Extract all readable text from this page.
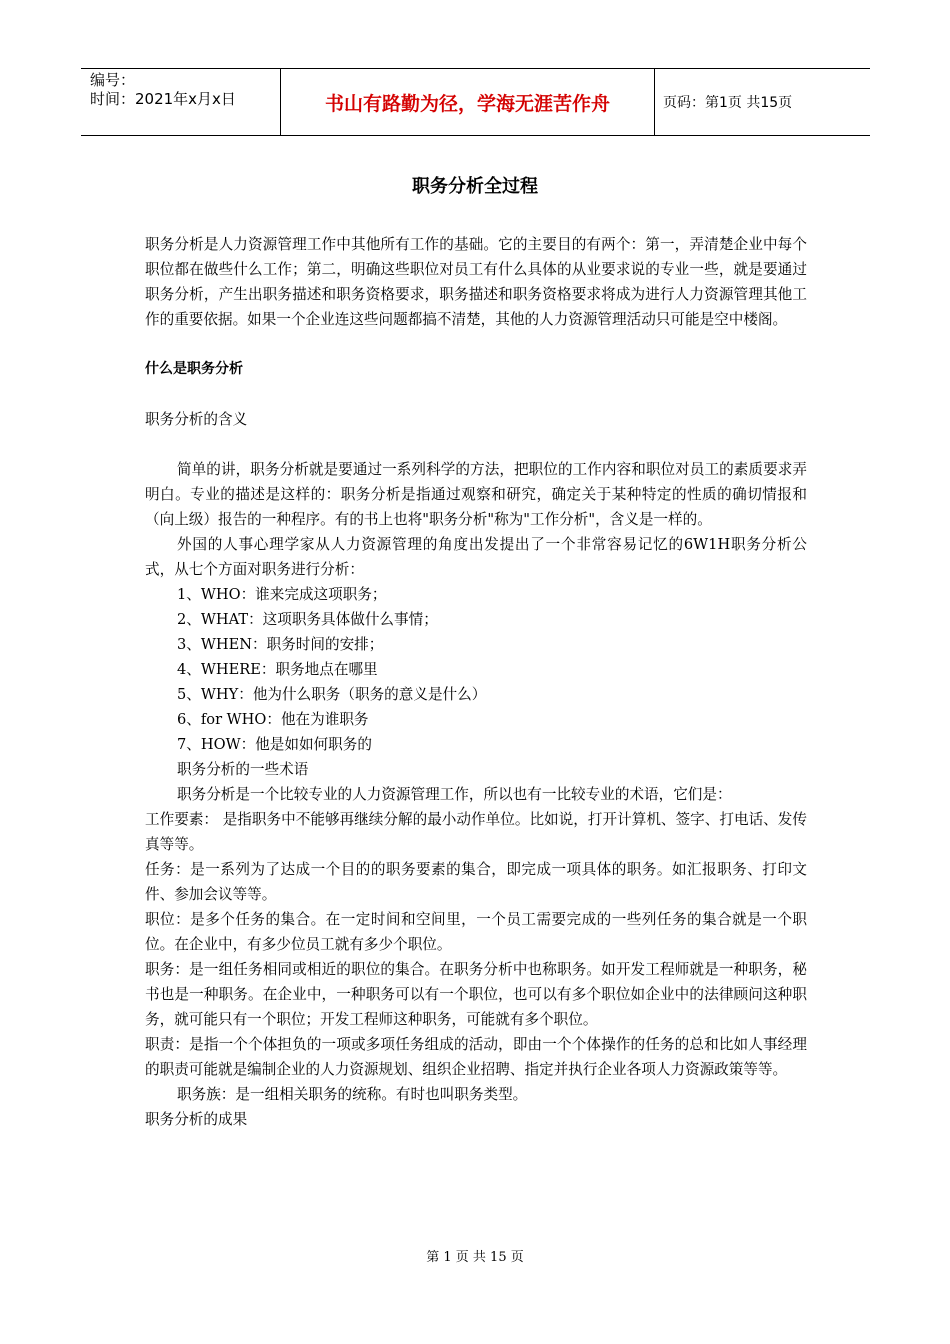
编号：
时间：2021年x月x日	书山有路勤为径，学海无涯苦作舟	页码：第1页 共15页
职务分析全过程

职务分析是人力资源管理工作中其他所有工作的基础。它的主要目的有两个：第一，弄清楚企业中每个职位都在做些什么工作；第二，明确这些职位对员工有什么具体的从业要求说的专业一些，就是要通过职务分析，产生出职务描述和职务资格要求，职务描述和职务资格要求将成为进行人力资源管理其他工作的重要依据。如果一个企业连这些问题都搞不清楚，其他的人力资源管理活动只可能是空中楼阁。

什么是职务分析

职务分析的含义

简单的讲，职务分析就是要通过一系列科学的方法，把职位的工作内容和职位对员工的素质要求弄明白。专业的描述是这样的：职务分析是指通过观察和研究，确定关于某种特定的性质的确切情报和（向上级）报告的一种程序。有的书上也将"职务分析"称为"工作分析"，含义是一样的。

外国的人事心理学家从人力资源管理的角度出发提出了一个非常容易记忆的6W1H职务分析公式，从七个方面对职务进行分析：

1、WHO：谁来完成这项职务；

2、WHAT：这项职务具体做什么事情；

3、WHEN：职务时间的安排；

4、WHERE：职务地点在哪里

5、WHY：他为什么职务（职务的意义是什么）

6、for WHO：他在为谁职务

7、HOW：他是如如何职务的

职务分析的一些术语

职务分析是一个比较专业的人力资源管理工作，所以也有一比较专业的术语，它们是：

工作要素： 是指职务中不能够再继续分解的最小动作单位。比如说，打开计算机、签字、打电话、发传真等等。

任务：是一系列为了达成一个目的的职务要素的集合，即完成一项具体的职务。如汇报职务、打印文件、参加会议等等。

职位：是多个任务的集合。在一定时间和空间里，一个员工需要完成的一些列任务的集合就是一个职位。在企业中，有多少位员工就有多少个职位。

职务：是一组任务相同或相近的职位的集合。在职务分析中也称职务。如开发工程师就是一种职务，秘书也是一种职务。在企业中，一种职务可以有一个职位，也可以有多个职位如企业中的法律顾问这种职务，就可能只有一个职位；开发工程师这种职务，可能就有多个职位。

职责：是指一个个体担负的一项或多项任务组成的活动，即由一个个体操作的任务的总和比如人事经理的职责可能就是编制企业的人力资源规划、组织企业招聘、指定并执行企业各项人力资源政策等等。

职务族：是一组相关职务的统称。有时也叫职务类型。

职务分析的成果

第 1 页 共 15 页
